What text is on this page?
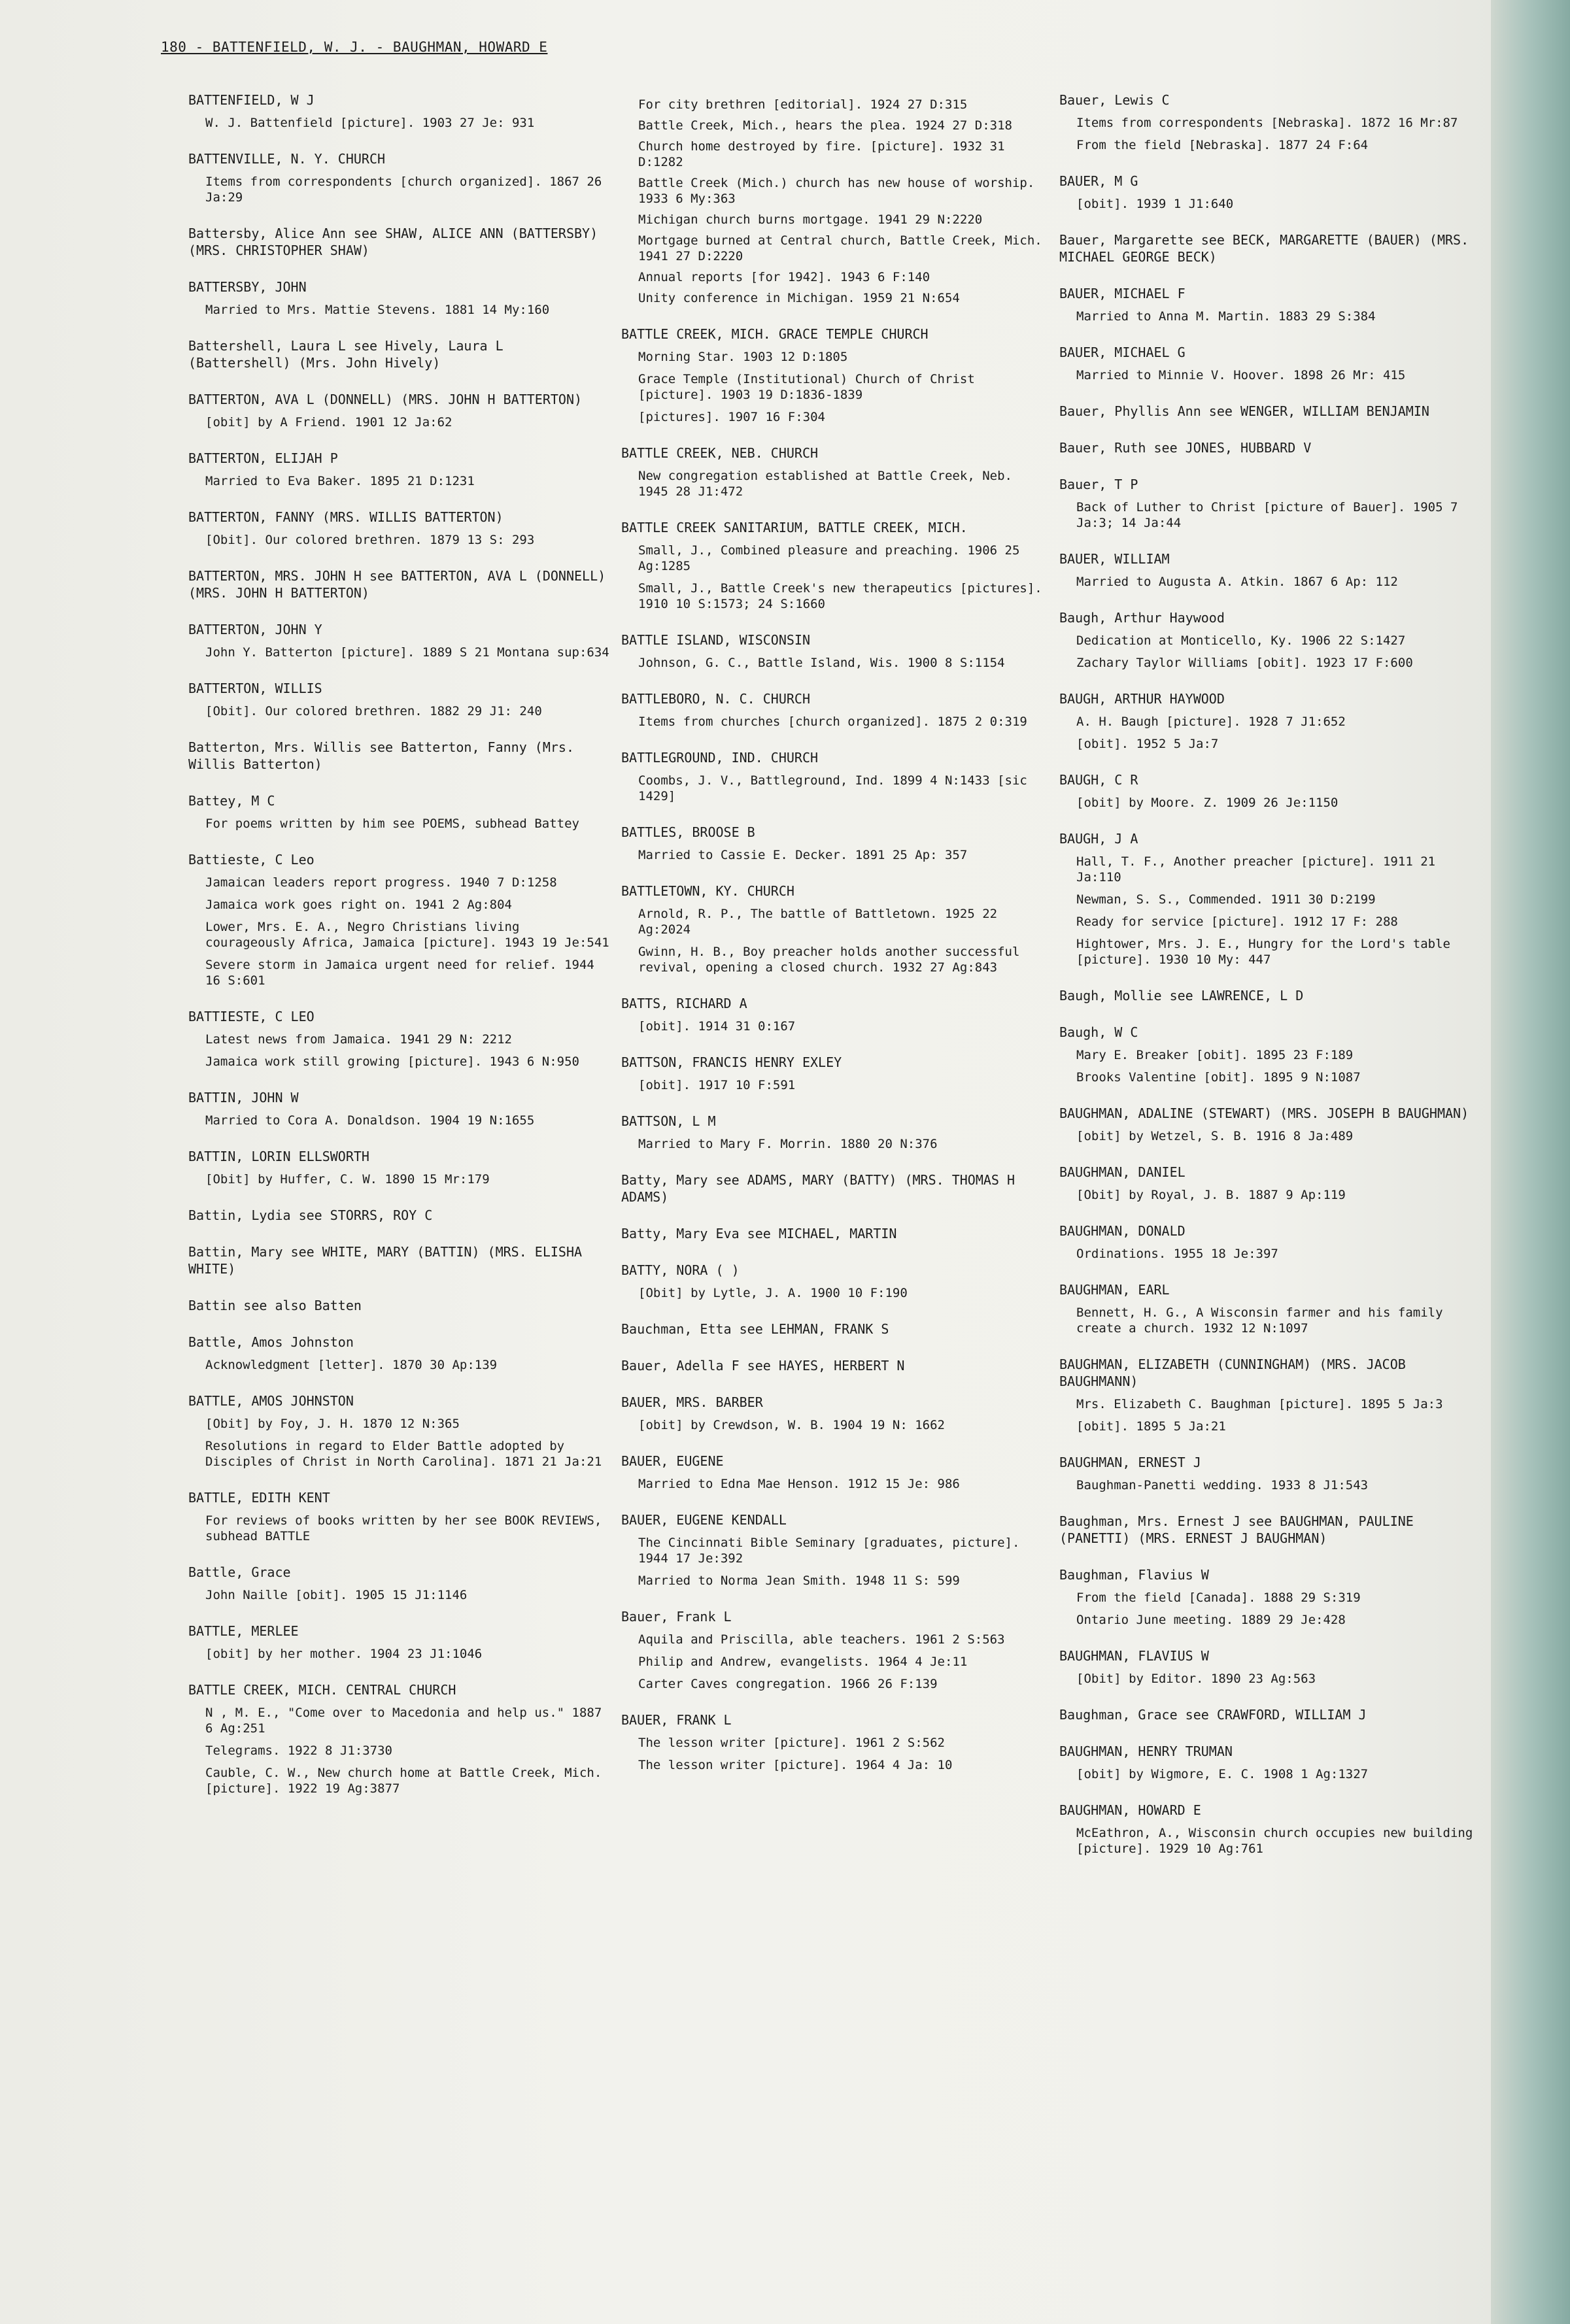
180 - BATTENFIELD, W. J. - BAUGHMAN, HOWARD E
BATTENFIELD, W J
W. J. Battenfield [picture]. 1903 27 Je: 931
BATTENVILLE, N. Y. CHURCH
Items from correspondents [church organized]. 1867 26 Ja:29
Battersby, Alice Ann see SHAW, ALICE ANN (BATTERSBY) (MRS. CHRISTOPHER SHAW)
BATTERSBY, JOHN
Married to Mrs. Mattie Stevens. 1881 14 My:160
Battershell, Laura L see Hively, Laura L (Battershell) (Mrs. John Hively)
BATTERTON, AVA L (DONNELL) (MRS. JOHN H BATTERTON)
[obit] by A Friend. 1901 12 Ja:62
BATTERTON, ELIJAH P
Married to Eva Baker. 1895 21 D:1231
BATTERTON, FANNY (MRS. WILLIS BATTERTON)
[Obit]. Our colored brethren. 1879 13 S: 293
BATTERTON, MRS. JOHN H see BATTERTON, AVA L (DONNELL) (MRS. JOHN H BATTERTON)
BATTERTON, JOHN Y
John Y. Batterton [picture]. 1889 S 21 Montana sup:634
BATTERTON, WILLIS
[Obit]. Our colored brethren. 1882 29 J1: 240
Batterton, Mrs. Willis see Batterton, Fanny (Mrs. Willis Batterton)
Battey, M C
For poems written by him see POEMS, subhead Battey
Battieste, C Leo
Jamaican leaders report progress. 1940 7 D:1258
Jamaica work goes right on. 1941 2 Ag:804
Lower, Mrs. E. A., Negro Christians living courageously Africa, Jamaica [picture]. 1943 19 Je:541
Severe storm in Jamaica urgent need for relief. 1944 16 S:601
BATTIESTE, C LEO
Latest news from Jamaica. 1941 29 N: 2212
Jamaica work still growing [picture]. 1943 6 N:950
BATTIN, JOHN W
Married to Cora A. Donaldson. 1904 19 N:1655
BATTIN, LORIN ELLSWORTH
[Obit] by Huffer, C. W. 1890 15 Mr:179
Battin, Lydia see STORRS, ROY C
Battin, Mary see WHITE, MARY (BATTIN) (MRS. ELISHA WHITE)
Battin see also Batten
Battle, Amos Johnston
Acknowledgment [letter]. 1870 30 Ap:139
BATTLE, AMOS JOHNSTON
[Obit] by Foy, J. H. 1870 12 N:365
Resolutions in regard to Elder Battle adopted by Disciples of Christ in North Carolina]. 1871 21 Ja:21
BATTLE, EDITH KENT
For reviews of books written by her see BOOK REVIEWS, subhead BATTLE
Battle, Grace
John Naille [obit]. 1905 15 J1:1146
BATTLE, MERLEE
[obit] by her mother. 1904 23 J1:1046
BATTLE CREEK, MICH. CENTRAL CHURCH
N , M. E., "Come over to Macedonia and help us." 1887 6 Ag:251
Telegrams. 1922 8 J1:3730
Cauble, C. W., New church home at Battle Creek, Mich. [picture]. 1922 19 Ag:3877
For city brethren [editorial]. 1924 27 D:315
Battle Creek, Mich., hears the plea. 1924 27 D:318
Church home destroyed by fire. [picture]. 1932 31 D:1282
Battle Creek (Mich.) church has new house of worship. 1933 6 My:363
Michigan church burns mortgage. 1941 29 N:2220
Mortgage burned at Central church, Battle Creek, Mich. 1941 27 D:2220
Annual reports [for 1942]. 1943 6 F:140
Unity conference in Michigan. 1959 21 N:654
BATTLE CREEK, MICH. GRACE TEMPLE CHURCH
Morning Star. 1903 12 D:1805
Grace Temple (Institutional) Church of Christ [picture]. 1903 19 D:1836-1839
[pictures]. 1907 16 F:304
BATTLE CREEK, NEB. CHURCH
New congregation established at Battle Creek, Neb. 1945 28 J1:472
BATTLE CREEK SANITARIUM, BATTLE CREEK, MICH.
Small, J., Combined pleasure and preaching. 1906 25 Ag:1285
Small, J., Battle Creek's new therapeutics [pictures]. 1910 10 S:1573; 24 S:1660
BATTLE ISLAND, WISCONSIN
Johnson, G. C., Battle Island, Wis. 1900 8 S:1154
BATTLEBORO, N. C. CHURCH
Items from churches [church organized]. 1875 2 0:319
BATTLEGROUND, IND. CHURCH
Coombs, J. V., Battleground, Ind. 1899 4 N:1433 [sic 1429]
BATTLES, BROOSE B
Married to Cassie E. Decker. 1891 25 Ap: 357
BATTLETOWN, KY. CHURCH
Arnold, R. P., The battle of Battletown. 1925 22 Ag:2024
Gwinn, H. B., Boy preacher holds another successful revival, opening a closed church. 1932 27 Ag:843
BATTS, RICHARD A
[obit]. 1914 31 0:167
BATTSON, FRANCIS HENRY EXLEY
[obit]. 1917 10 F:591
BATTSON, L M
Married to Mary F. Morrin. 1880 20 N:376
Batty, Mary see ADAMS, MARY (BATTY) (MRS. THOMAS H ADAMS)
Batty, Mary Eva see MICHAEL, MARTIN
BATTY, NORA ( )
[Obit] by Lytle, J. A. 1900 10 F:190
Bauchman, Etta see LEHMAN, FRANK S
Bauer, Adella F see HAYES, HERBERT N
BAUER, MRS. BARBER
[obit] by Crewdson, W. B. 1904 19 N: 1662
BAUER, EUGENE
Married to Edna Mae Henson. 1912 15 Je: 986
BAUER, EUGENE KENDALL
The Cincinnati Bible Seminary [graduates, picture]. 1944 17 Je:392
Married to Norma Jean Smith. 1948 11 S: 599
Bauer, Frank L
Aquila and Priscilla, able teachers. 1961 2 S:563
Philip and Andrew, evangelists. 1964 4 Je:11
Carter Caves congregation. 1966 26 F:139
BAUER, FRANK L
The lesson writer [picture]. 1961 2 S:562
The lesson writer [picture]. 1964 4 Ja: 10
Bauer, Lewis C
Items from correspondents [Nebraska]. 1872 16 Mr:87
From the field [Nebraska]. 1877 24 F:64
BAUER, M G
[obit]. 1939 1 J1:640
Bauer, Margarette see BECK, MARGARETTE (BAUER) (MRS. MICHAEL GEORGE BECK)
BAUER, MICHAEL F
Married to Anna M. Martin. 1883 29 S:384
BAUER, MICHAEL G
Married to Minnie V. Hoover. 1898 26 Mr: 415
Bauer, Phyllis Ann see WENGER, WILLIAM BENJAMIN
Bauer, Ruth see JONES, HUBBARD V
Bauer, T P
Back of Luther to Christ [picture of Bauer]. 1905 7 Ja:3; 14 Ja:44
BAUER, WILLIAM
Married to Augusta A. Atkin. 1867 6 Ap: 112
Baugh, Arthur Haywood
Dedication at Monticello, Ky. 1906 22 S:1427
Zachary Taylor Williams [obit]. 1923 17 F:600
BAUGH, ARTHUR HAYWOOD
A. H. Baugh [picture]. 1928 7 J1:652
[obit]. 1952 5 Ja:7
BAUGH, C R
[obit] by Moore. Z. 1909 26 Je:1150
BAUGH, J A
Hall, T. F., Another preacher [picture]. 1911 21 Ja:110
Newman, S. S., Commended. 1911 30 D:2199
Ready for service [picture]. 1912 17 F: 288
Hightower, Mrs. J. E., Hungry for the Lord's table [picture]. 1930 10 My: 447
Baugh, Mollie see LAWRENCE, L D
Baugh, W C
Mary E. Breaker [obit]. 1895 23 F:189
Brooks Valentine [obit]. 1895 9 N:1087
BAUGHMAN, ADALINE (STEWART) (MRS. JOSEPH B BAUGHMAN)
[obit] by Wetzel, S. B. 1916 8 Ja:489
BAUGHMAN, DANIEL
[Obit] by Royal, J. B. 1887 9 Ap:119
BAUGHMAN, DONALD
Ordinations. 1955 18 Je:397
BAUGHMAN, EARL
Bennett, H. G., A Wisconsin farmer and his family create a church. 1932 12 N:1097
BAUGHMAN, ELIZABETH (CUNNINGHAM) (MRS. JACOB BAUGHMANN)
Mrs. Elizabeth C. Baughman [picture]. 1895 5 Ja:3
[obit]. 1895 5 Ja:21
BAUGHMAN, ERNEST J
Baughman-Panetti wedding. 1933 8 J1:543
Baughman, Mrs. Ernest J see BAUGHMAN, PAULINE (PANETTI) (MRS. ERNEST J BAUGHMAN)
Baughman, Flavius W
From the field [Canada]. 1888 29 S:319
Ontario June meeting. 1889 29 Je:428
BAUGHMAN, FLAVIUS W
[Obit] by Editor. 1890 23 Ag:563
Baughman, Grace see CRAWFORD, WILLIAM J
BAUGHMAN, HENRY TRUMAN
[obit] by Wigmore, E. C. 1908 1 Ag:1327
BAUGHMAN, HOWARD E
McEathron, A., Wisconsin church occupies new building [picture]. 1929 10 Ag:761
